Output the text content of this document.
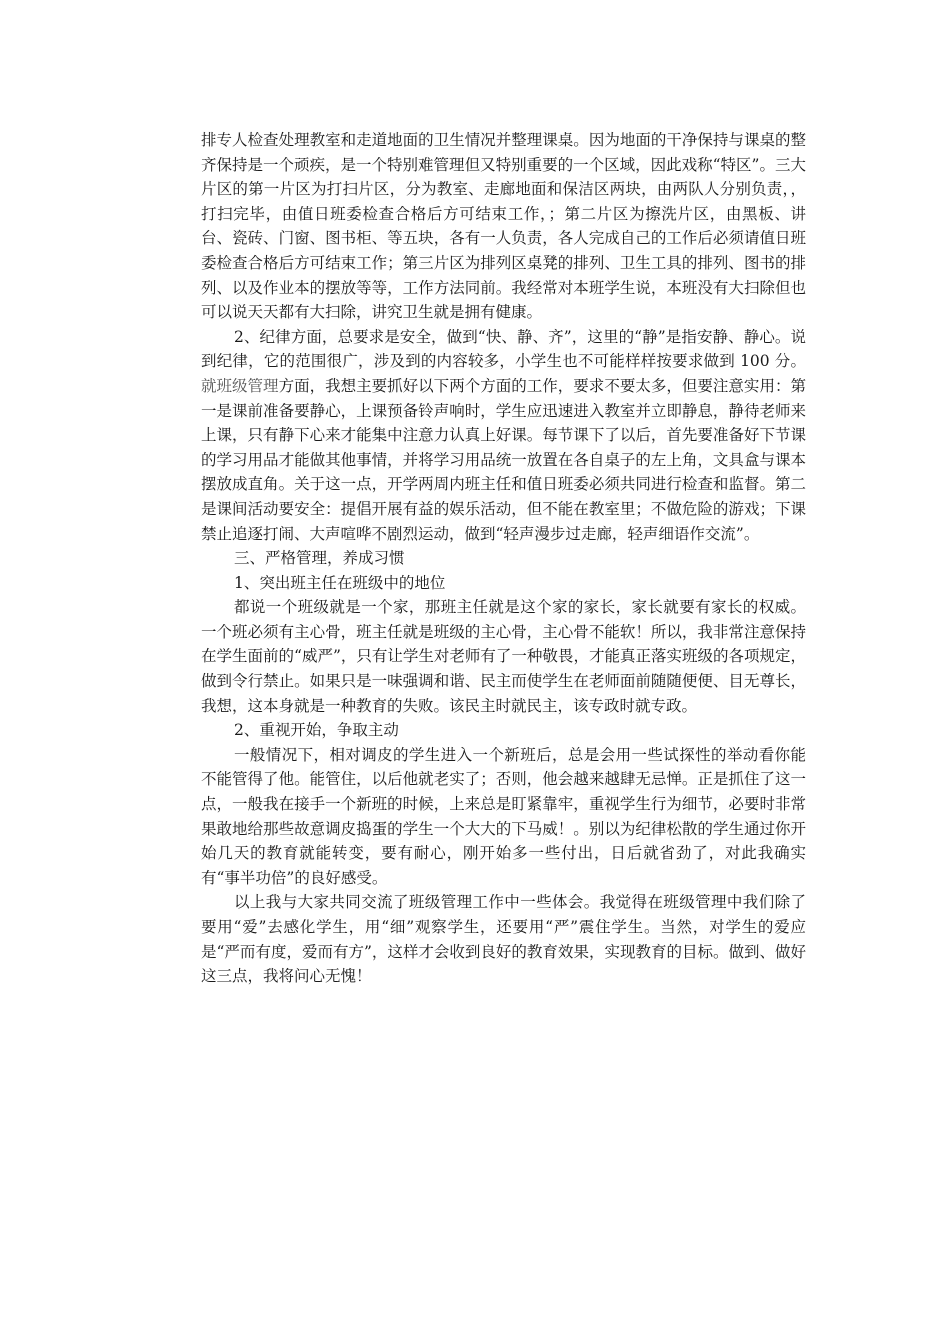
排专人检查处理教室和走道地面的卫生情况并整理课桌。因为地面的干净保持与课桌的整齐保持是一个顽疾，是一个特别难管理但又特别重要的一个区域，因此戏称“特区”。三大片区的第一片区为打扫片区，分为教室、走廊地面和保洁区两块，由两队人分别负责，，打扫完毕，由值日班委检查合格后方可结束工作，；第二片区为擦洗片区，由黑板、讲台、瓷砖、门窗、图书柜、等五块，各有一人负责，各人完成自己的工作后必须请值日班委检查合格后方可结束工作；第三片区为排列区桌凳的排列、卫生工具的排列、图书的排列、以及作业本的摆放等等，工作方法同前。我经常对本班学生说，本班没有大扫除但也可以说天天都有大扫除，讲究卫生就是拥有健康。

2、纪律方面，总要求是安全，做到“快、静、齐”，这里的“静”是指安静、静心。说到纪律，它的范围很广，涉及到的内容较多，小学生也不可能样样按要求做到 100 分。就班级管理方面，我想主要抓好以下两个方面的工作，要求不要太多，但要注意实用：第一是课前准备要静心，上课预备铃声响时，学生应迅速进入教室并立即静息，静待老师来上课，只有静下心来才能集中注意力认真上好课。每节课下了以后，首先要准备好下节课的学习用品才能做其他事情，并将学习用品统一放置在各自桌子的左上角，文具盒与课本摆放成直角。关于这一点，开学两周内班主任和值日班委必须共同进行检查和监督。第二是课间活动要安全：提倡开展有益的娱乐活动，但不能在教室里；不做危险的游戏；下课禁止追逐打闹、大声喧哗不剧烈运动，做到“轻声漫步过走廊，轻声细语作交流”。

三、严格管理，养成习惯

1、突出班主任在班级中的地位

都说一个班级就是一个家，那班主任就是这个家的家长，家长就要有家长的权威。一个班必须有主心骨，班主任就是班级的主心骨，主心骨不能软！所以，我非常注意保持在学生面前的“威严”，只有让学生对老师有了一种敬畏，才能真正落实班级的各项规定，做到令行禁止。如果只是一味强调和谐、民主而使学生在老师面前随随便便、目无尊长，我想，这本身就是一种教育的失败。该民主时就民主，该专政时就专政。

2、重视开始，争取主动

一般情况下，相对调皮的学生进入一个新班后，总是会用一些试探性的举动看你能不能管得了他。能管住，以后他就老实了；否则，他会越来越肆无忌惮。正是抓住了这一点，一般我在接手一个新班的时候，上来总是盯紧靠牢，重视学生行为细节，必要时非常果敢地给那些故意调皮捣蛋的学生一个大大的下马威！。别以为纪律松散的学生通过你开始几天的教育就能转变，要有耐心，刚开始多一些付出，日后就省劲了，对此我确实有“事半功倍”的良好感受。

以上我与大家共同交流了班级管理工作中一些体会。我觉得在班级管理中我们除了要用“爱”去感化学生，用“细”观察学生，还要用“严”震住学生。当然，对学生的爱应是“严而有度，爱而有方”，这样才会收到良好的教育效果，实现教育的目标。做到、做好这三点，我将问心无愧！
